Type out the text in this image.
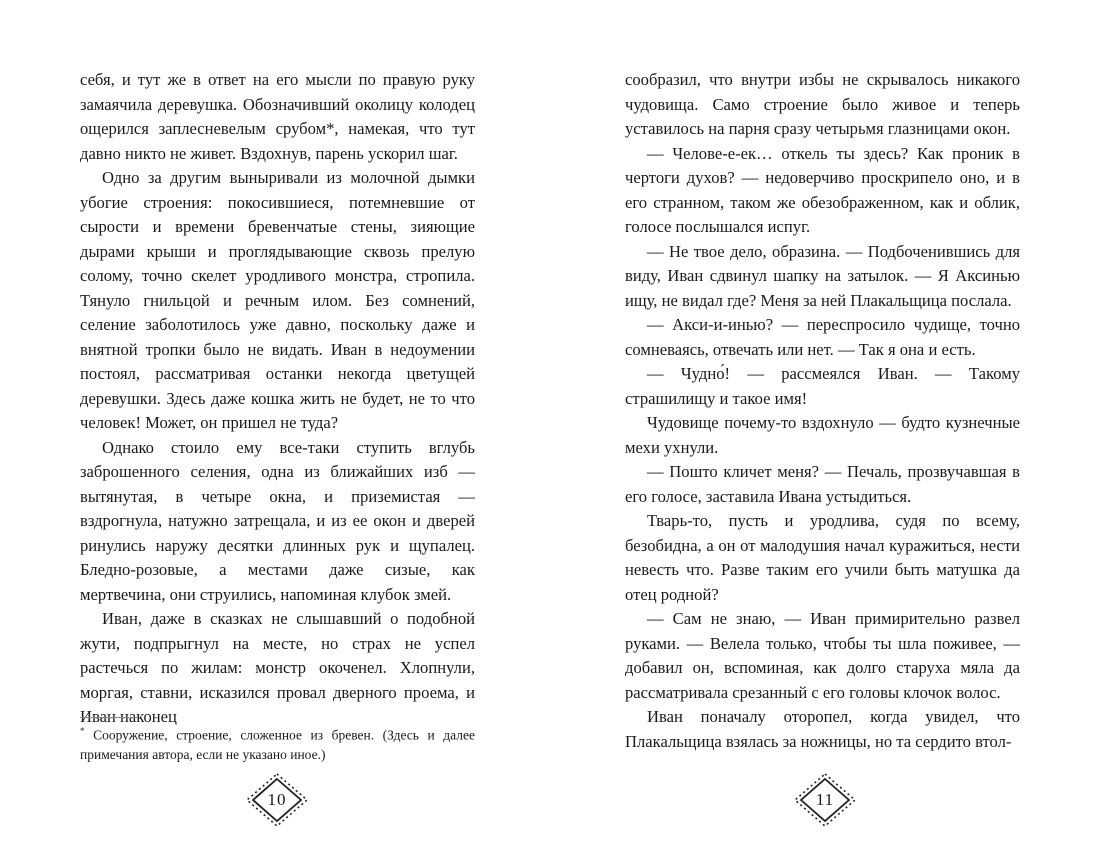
себя, и тут же в ответ на его мысли по правую руку замаячила деревушка. Обозначивший околицу колодец ощерился заплесневелым срубом*, намекая, что тут давно никто не живет. Вздохнув, парень ускорил шаг.

Одно за другим выныривали из молочной дымки убогие строения: покосившиеся, потемневшие от сырости и времени бревенчатые стены, зияющие дырами крыши и проглядывающие сквозь прелую солому, точно скелет уродливого монстра, стропила. Тянуло гнильцой и речным илом. Без сомнений, селение заболотилось уже давно, поскольку даже и внятной тропки было не видать. Иван в недоумении постоял, рассматривая останки некогда цветущей деревушки. Здесь даже кошка жить не будет, не то что человек! Может, он пришел не туда?

Однако стоило ему все-таки ступить вглубь заброшенного селения, одна из ближайших изб — вытянутая, в четыре окна, и приземистая — вздрогнула, натужно затрещала, и из ее окон и дверей ринулись наружу десятки длинных рук и щупалец. Бледно-розовые, а местами даже сизые, как мертвечина, они струились, напоминая клубок змей.

Иван, даже в сказках не слышавший о подобной жути, подпрыгнул на месте, но страх не успел растечься по жилам: монстр окоченел. Хлопнули, моргая, ставни, исказился провал дверного проема, и Иван наконец

* Сооружение, строение, сложенное из бревен. (Здесь и далее примечания автора, если не указано иное.)
10

сообразил, что внутри избы не скрывалось никакого чудовища. Само строение было живое и теперь уставилось на парня сразу четырьмя глазницами окон.

— Челове-е-ек… откель ты здесь? Как проник в чертоги духов? — недоверчиво проскрипело оно, и в его странном, таком же обезображенном, как и облик, голосе послышался испуг.

— Не твое дело, образина. — Подбоченившись для виду, Иван сдвинул шапку на затылок. — Я Аксинью ищу, не видал где? Меня за ней Плакальщица послала.

— Акси-и-инью? — переспросило чудище, точно сомневаясь, отвечать или нет. — Так я она и есть.

— Чудно́! — рассмеялся Иван. — Такому страшилищу и такое имя!

Чудовище почему-то вздохнуло — будто кузнечные мехи ухнули.

— Пошто кличет меня? — Печаль, прозвучавшая в его голосе, заставила Ивана устыдиться.

Тварь-то, пусть и уродлива, судя по всему, безобидна, а он от малодушия начал куражиться, нести невесть что. Разве таким его учили быть матушка да отец родной?

— Сам не знаю, — Иван примирительно развел руками. — Велела только, чтобы ты шла поживее, — добавил он, вспоминая, как долго старуха мяла да рассматривала срезанный с его головы клочок волос.

Иван поначалу оторопел, когда увидел, что Плакальщица взялась за ножницы, но та сердито втол-

11
